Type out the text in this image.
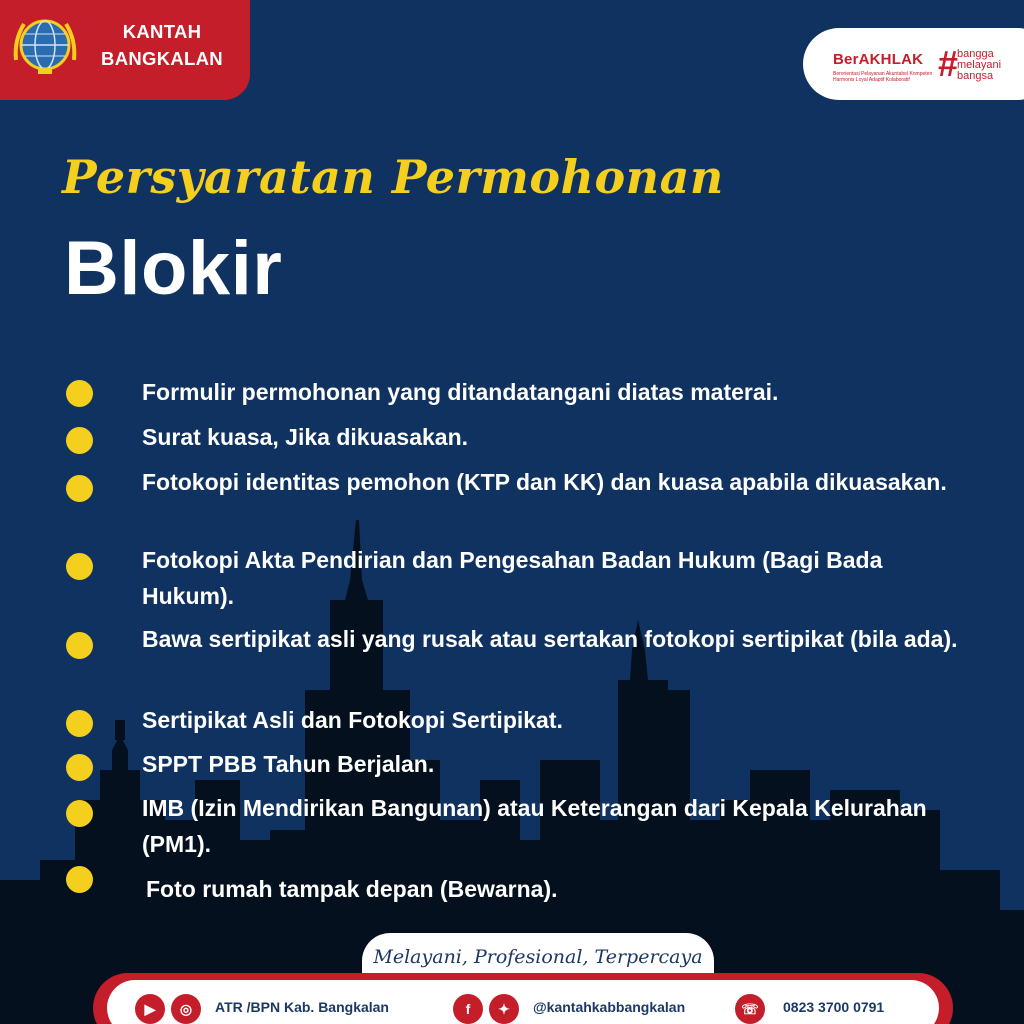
KANTAH
BANGKALAN	BerAKHLAK
Berorientasi Pelayanan Akuntabel Kompeten Harmonis Loyal Adaptif Kolaboratif #
bangga
melayani
bangsa
Persyaratan Permohonan
Blokir
Formulir permohonan yang ditandatangani diatas materai.
Surat kuasa, Jika dikuasakan.
Fotokopi identitas pemohon (KTP dan KK) dan kuasa apabila dikuasakan.
Fotokopi Akta Pendirian dan Pengesahan Badan Hukum (Bagi Bada Hukum).
Bawa sertipikat asli yang rusak atau sertakan fotokopi sertipikat (bila ada).
Sertipikat Asli dan Fotokopi Sertipikat.
SPPT PBB Tahun Berjalan.
IMB (Izin Mendirikan Bangunan) atau Keterangan dari Kepala Kelurahan (PM1).
Foto rumah tampak depan (Bewarna).
Melayani, Profesional, Terpercaya
▶	◎	ATR /BPN Kab. Bangkalan	f	✦	@kantahkabbangkalan	☏	0823 3700 0791
